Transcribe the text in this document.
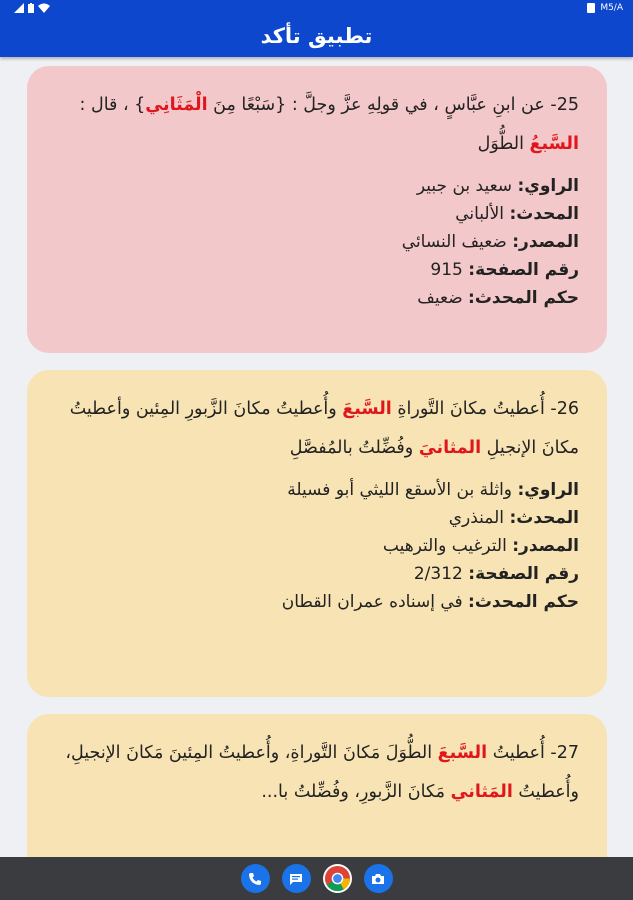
M5/A
تطبيق تأكد

25- عن ابنِ عبَّاسٍ ، في قولِهِ عزَّ وجلَّ : {سَبْعًا مِنَ الْمَثَانِي} ، قال : السَّبعُ الطُّوَل

الراوي: سعيد بن جبير
المحدث: الألباني
المصدر: ضعيف النسائي
رقم الصفحة: 915
حكم المحدث: ضعيف

26- أُعطيتُ مكانَ التَّوراةِ السَّبعَ وأُعطيتُ مكانَ الزَّبورِ المِئين وأعطيتُ مكانَ الإنجيلِ المثانيَ وفُضِّلتُ بالمُفصَّلِ

الراوي: واثلة بن الأسقع الليثي أبو فسيلة
المحدث: المنذري
المصدر: الترغيب والترهيب
رقم الصفحة: 2/312
حكم المحدث: في إسناده عمران القطان

27- أُعطيتُ السَّبعَ الطُّوَلَ مَكانَ التَّوراةِ، وأُعطيتُ المِئينَ مَكانَ الإنجيلِ، وأُعطيتُ المَثاني مَكانَ الزَّبورِ، وفُضِّلتُ با...
